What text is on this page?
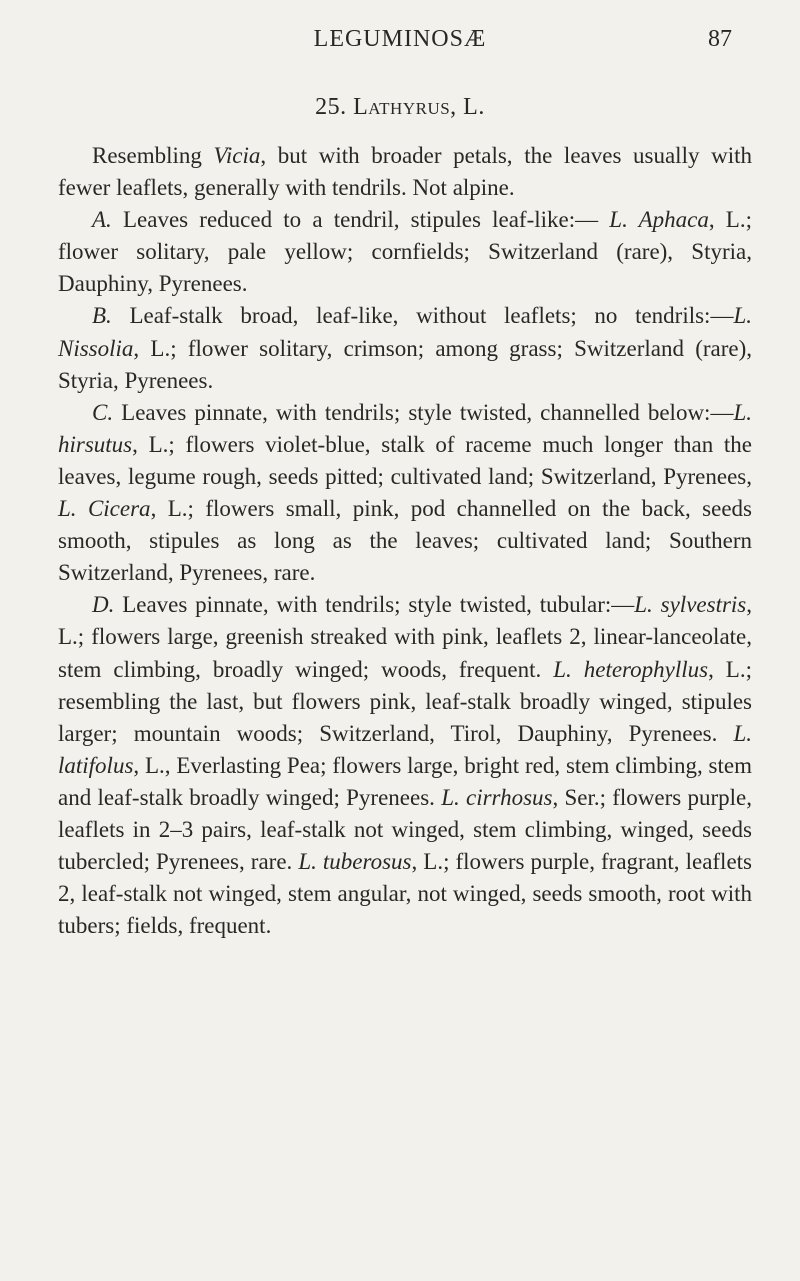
LEGUMINOSÆ	87
25. Lathyrus, L.

Resembling Vicia, but with broader petals, the leaves usually with fewer leaflets, generally with tendrils. Not alpine.

A. Leaves reduced to a tendril, stipules leaf-like:— L. Aphaca, L.; flower solitary, pale yellow; cornfields; Switzerland (rare), Styria, Dauphiny, Pyrenees.

B. Leaf-stalk broad, leaf-like, without leaflets; no tendrils:—L. Nissolia, L.; flower solitary, crimson; among grass; Switzerland (rare), Styria, Pyrenees.

C. Leaves pinnate, with tendrils; style twisted, channelled below:—L. hirsutus, L.; flowers violet-blue, stalk of raceme much longer than the leaves, legume rough, seeds pitted; cultivated land; Switzerland, Pyrenees, L. Cicera, L.; flowers small, pink, pod channelled on the back, seeds smooth, stipules as long as the leaves; cultivated land; Southern Switzerland, Pyrenees, rare.

D. Leaves pinnate, with tendrils; style twisted, tubular:—L. sylvestris, L.; flowers large, greenish streaked with pink, leaflets 2, linear-lanceolate, stem climbing, broadly winged; woods, frequent. L. heterophyllus, L.; resembling the last, but flowers pink, leaf-stalk broadly winged, stipules larger; mountain woods; Switzerland, Tirol, Dauphiny, Pyrenees. L. latifolus, L., Everlasting Pea; flowers large, bright red, stem climbing, stem and leaf-stalk broadly winged; Pyrenees. L. cirrhosus, Ser.; flowers purple, leaflets in 2–3 pairs, leaf-stalk not winged, stem climbing, winged, seeds tubercled; Pyrenees, rare. L. tuberosus, L.; flowers purple, fragrant, leaflets 2, leaf-stalk not winged, stem angular, not winged, seeds smooth, root with tubers; fields, frequent.
